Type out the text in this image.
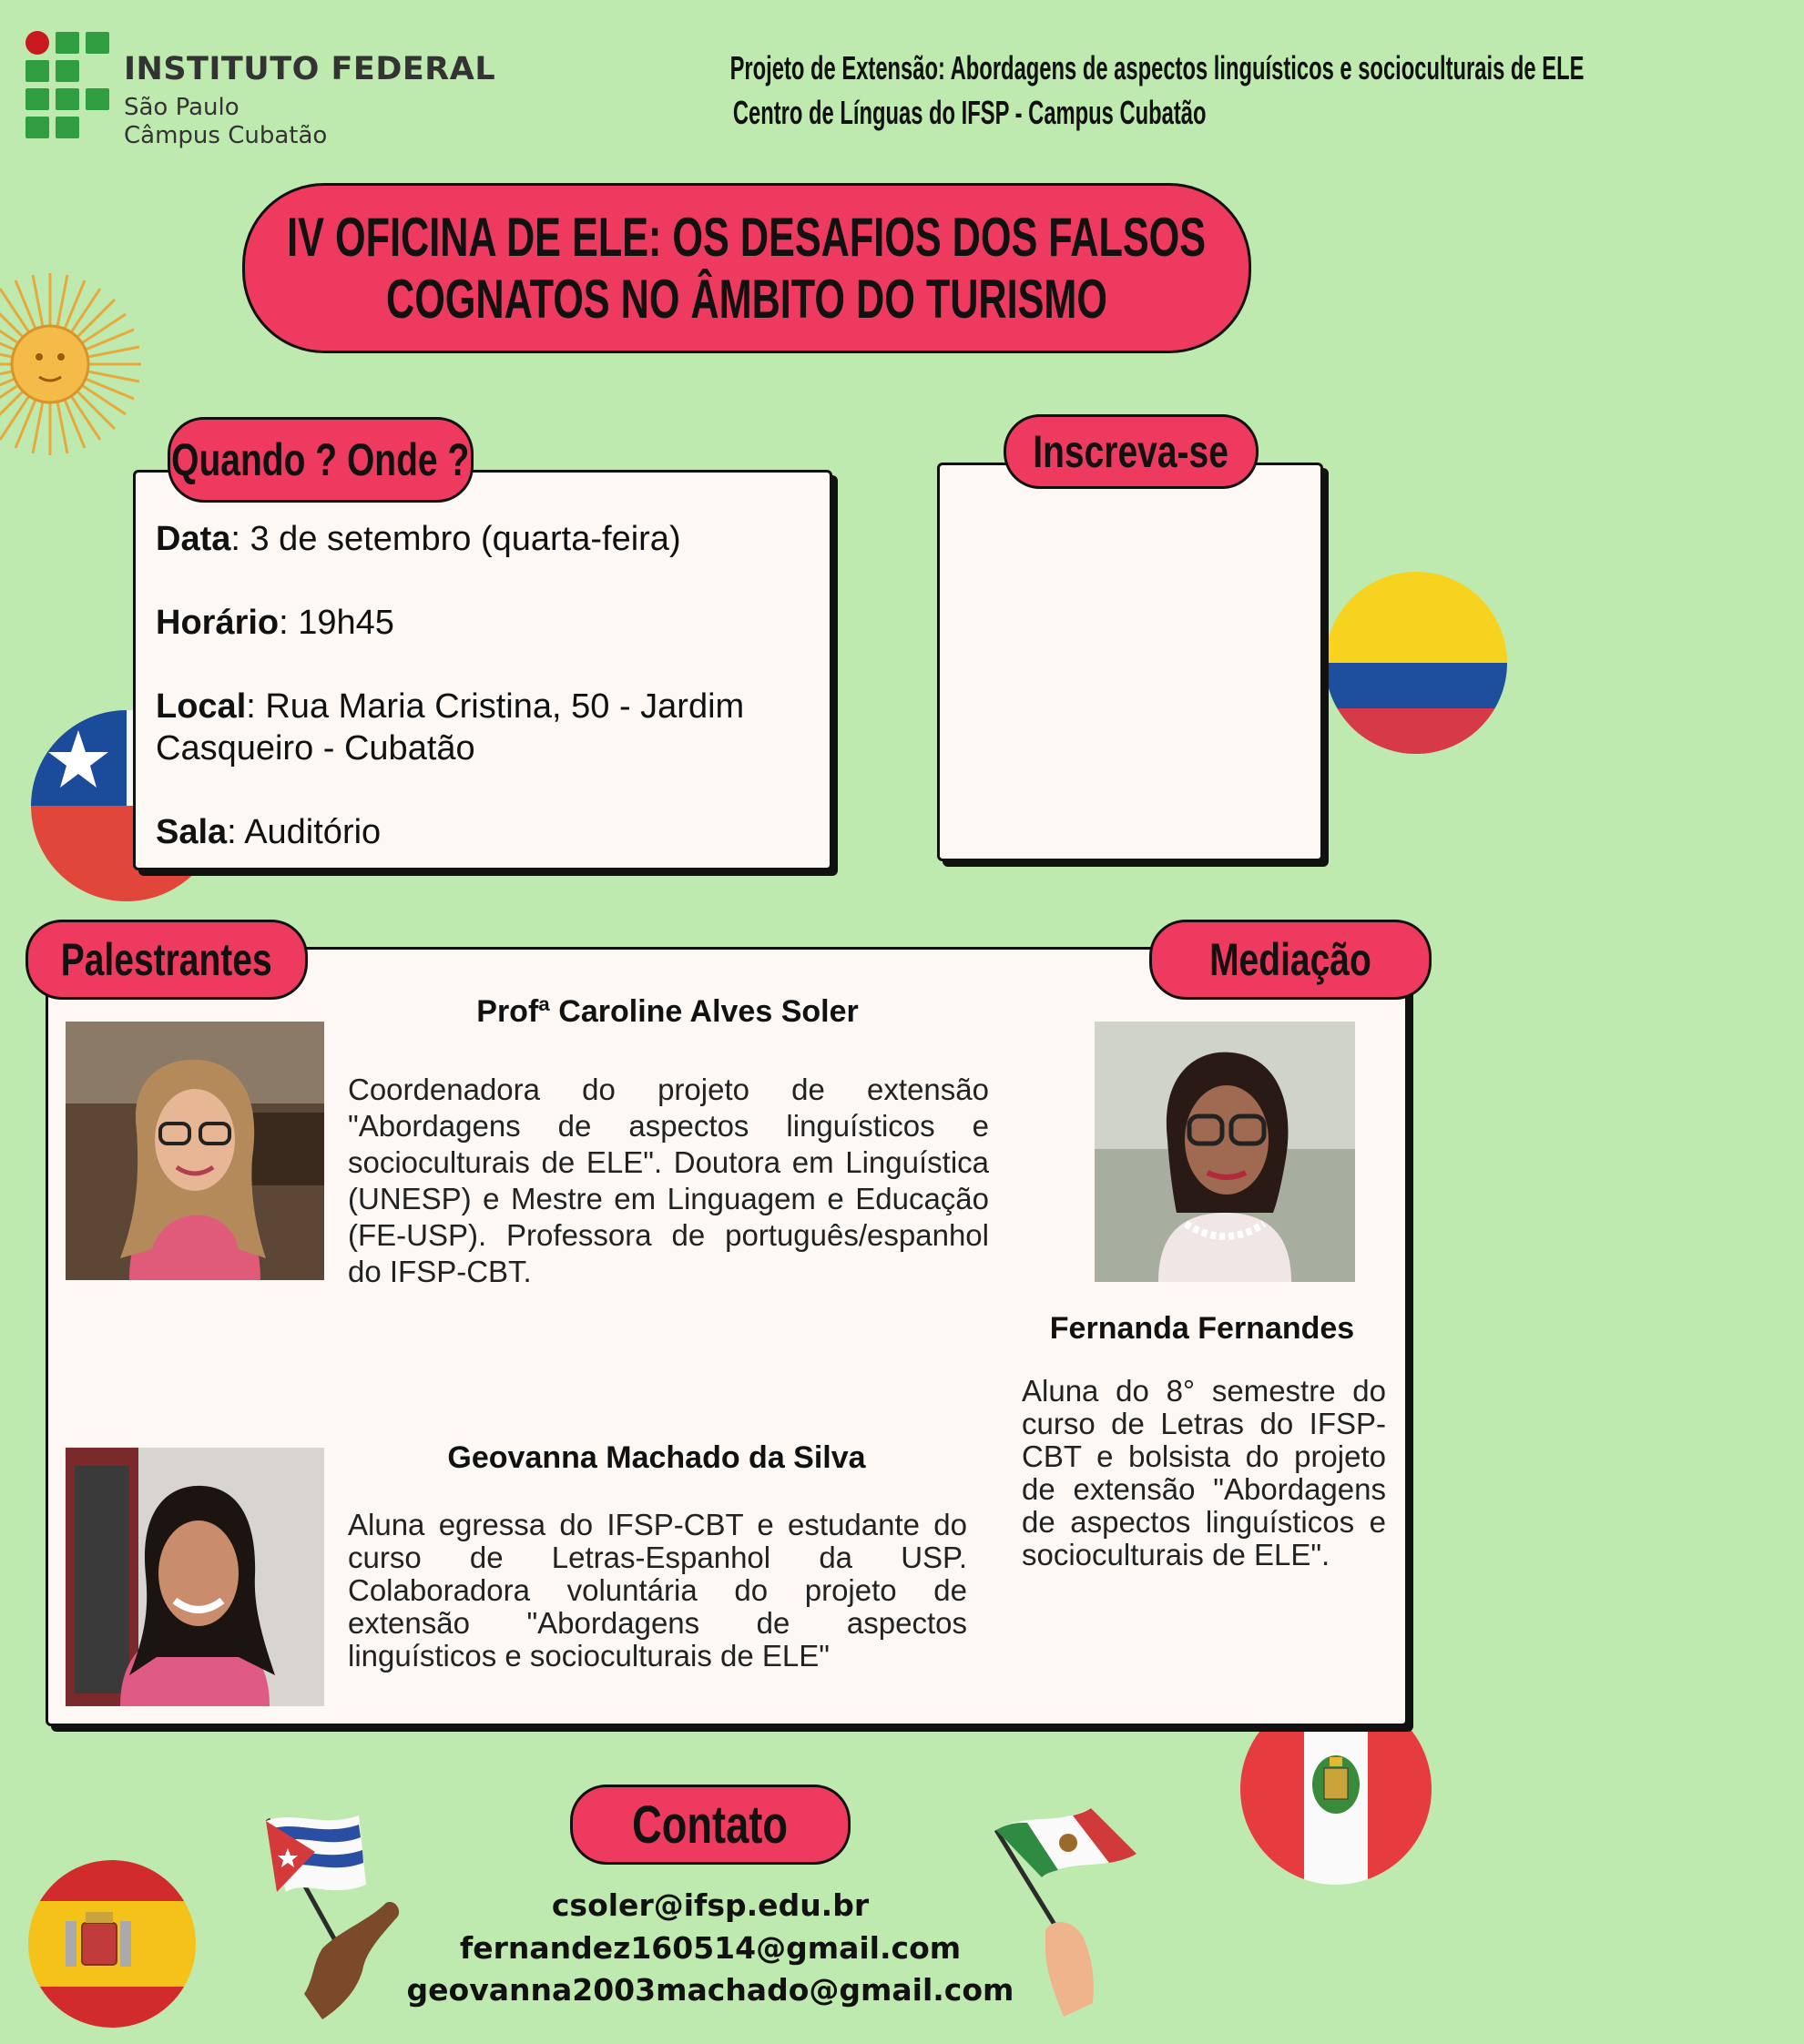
INSTITUTO FEDERAL
São Paulo
Câmpus Cubatão
Projeto de Extensão: Abordagens de aspectos linguísticos e socioculturais de ELE
Centro de Línguas do IFSP - Campus Cubatão
IV OFICINA DE ELE: OS DESAFIOS DOS FALSOS
COGNATOS NO ÂMBITO DO TURISMO
Data: 3 de setembro (quarta-feira)
Horário: 19h45
Local: Rua Maria Cristina, 50 - Jardim Casqueiro - Cubatão
Sala: Auditório
Quando ? Onde ?	Inscreva-se
Palestrantes	Mediação
Profª Caroline Alves Soler
Coordenadora do projeto de extensão "Abordagens de aspectos linguísticos e socioculturais de ELE". Doutora em Linguística (UNESP) e Mestre em Linguagem e Educação (FE-USP). Professora de português/espanhol do IFSP-CBT.
Geovanna Machado da Silva
Aluna egressa do IFSP-CBT e estudante do curso de Letras-Espanhol da USP. Colaboradora voluntária do projeto de extensão "Abordagens de aspectos linguísticos e socioculturais de ELE"
Fernanda Fernandes
Aluna do 8° semestre do curso de Letras do IFSP-CBT e bolsista do projeto de extensão "Abordagens de aspectos linguísticos e socioculturais de ELE".
Contato
csoler@ifsp.edu.br
fernandez160514@gmail.com
geovanna2003machado@gmail.com
